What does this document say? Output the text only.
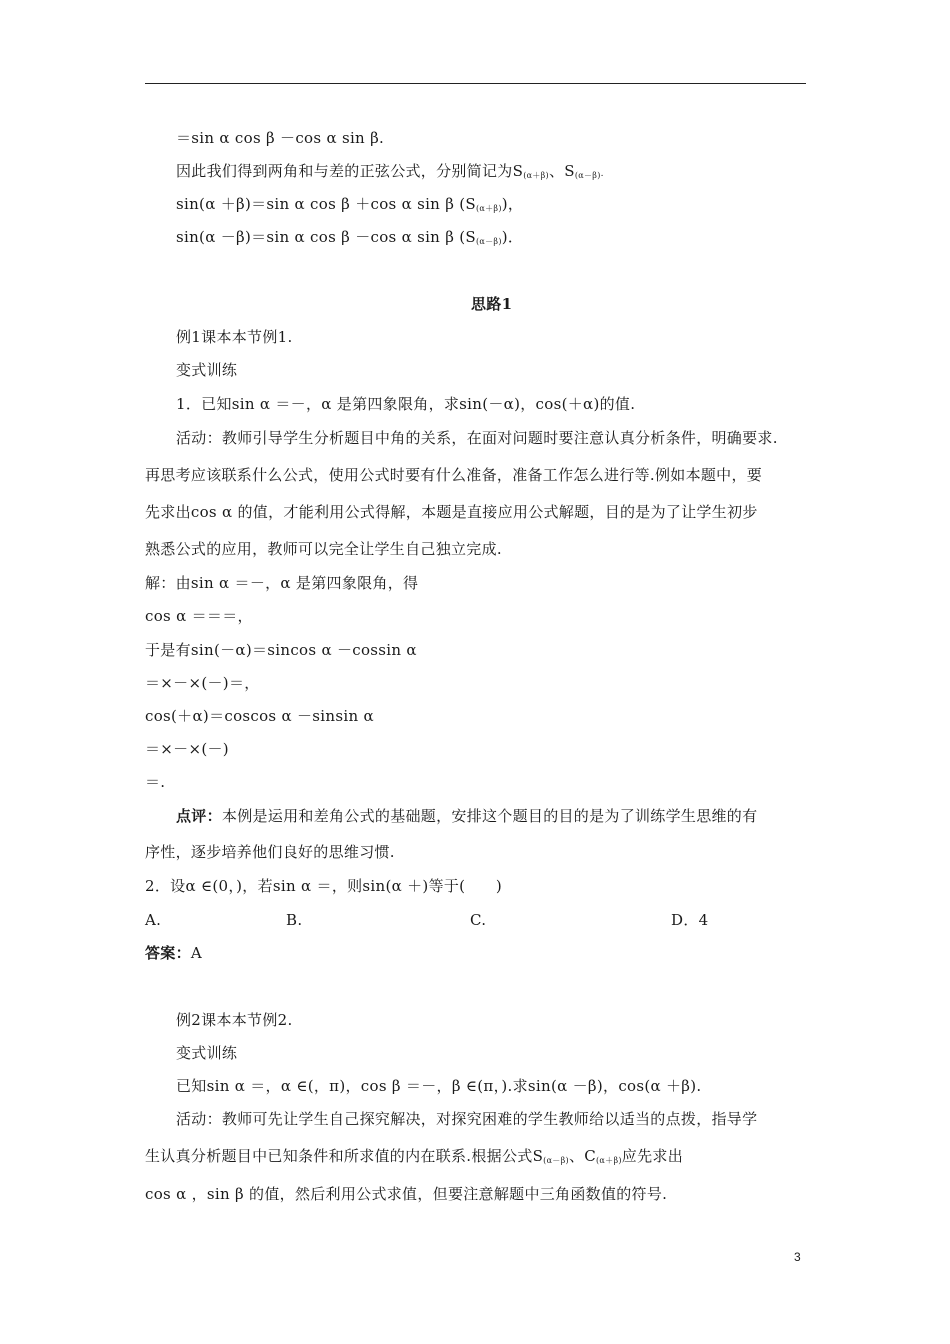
＝sin α cos β －cos α sin β.
因此我们得到两角和与差的正弦公式，分别简记为$S_{(\alpha+\beta)}$、$S_{(\alpha-\beta)}$.
sin(α ＋β)＝sin α cos β ＋cos α sin β $(S_{(\alpha+\beta)})$，
sin(α －β)＝sin α cos β －cos α sin β $(S_{(\alpha-\beta)})$．
思路1
例1课本本节例1.
变式训练
1．已知sin α ＝－，α 是第四象限角，求sin(－α)，cos(＋α)的值.
活动：教师引导学生分析题目中角的关系，在面对问题时要注意认真分析条件，明确要求.
再思考应该联系什么公式，使用公式时要有什么准备，准备工作怎么进行等.例如本题中，要
先求出cos α 的值，才能利用公式得解，本题是直接应用公式解题，目的是为了让学生初步
熟悉公式的应用，教师可以完全让学生自己独立完成.
解：由sin α ＝－，α 是第四象限角，得
cos α ＝＝＝，
于是有sin(－α)＝sincos α －cossin α
＝×－×(－)＝，
cos(＋α)＝coscos α －sinsin α
＝×－×(－)
＝.
点评：本例是运用和差角公式的基础题，安排这个题目的目的是为了训练学生思维的有
序性，逐步培养他们良好的思维习惯.
2．设α ∈(0，)，若sin α ＝，则sin(α ＋)等于(　　)
A.	B.	C.	D．4
答案：A
例2课本本节例2.
变式训练
已知sin α ＝，α ∈(，π)，cos β ＝－，β ∈(π，).求sin(α －β)，cos(α ＋β).
活动：教师可先让学生自己探究解决，对探究困难的学生教师给以适当的点拨，指导学
生认真分析题目中已知条件和所求值的内在联系.根据公式$S_{(\alpha-\beta)}$、$C_{(\alpha+\beta)}$应先求出
cos α ，sin β 的值，然后利用公式求值，但要注意解题中三角函数值的符号.
3
